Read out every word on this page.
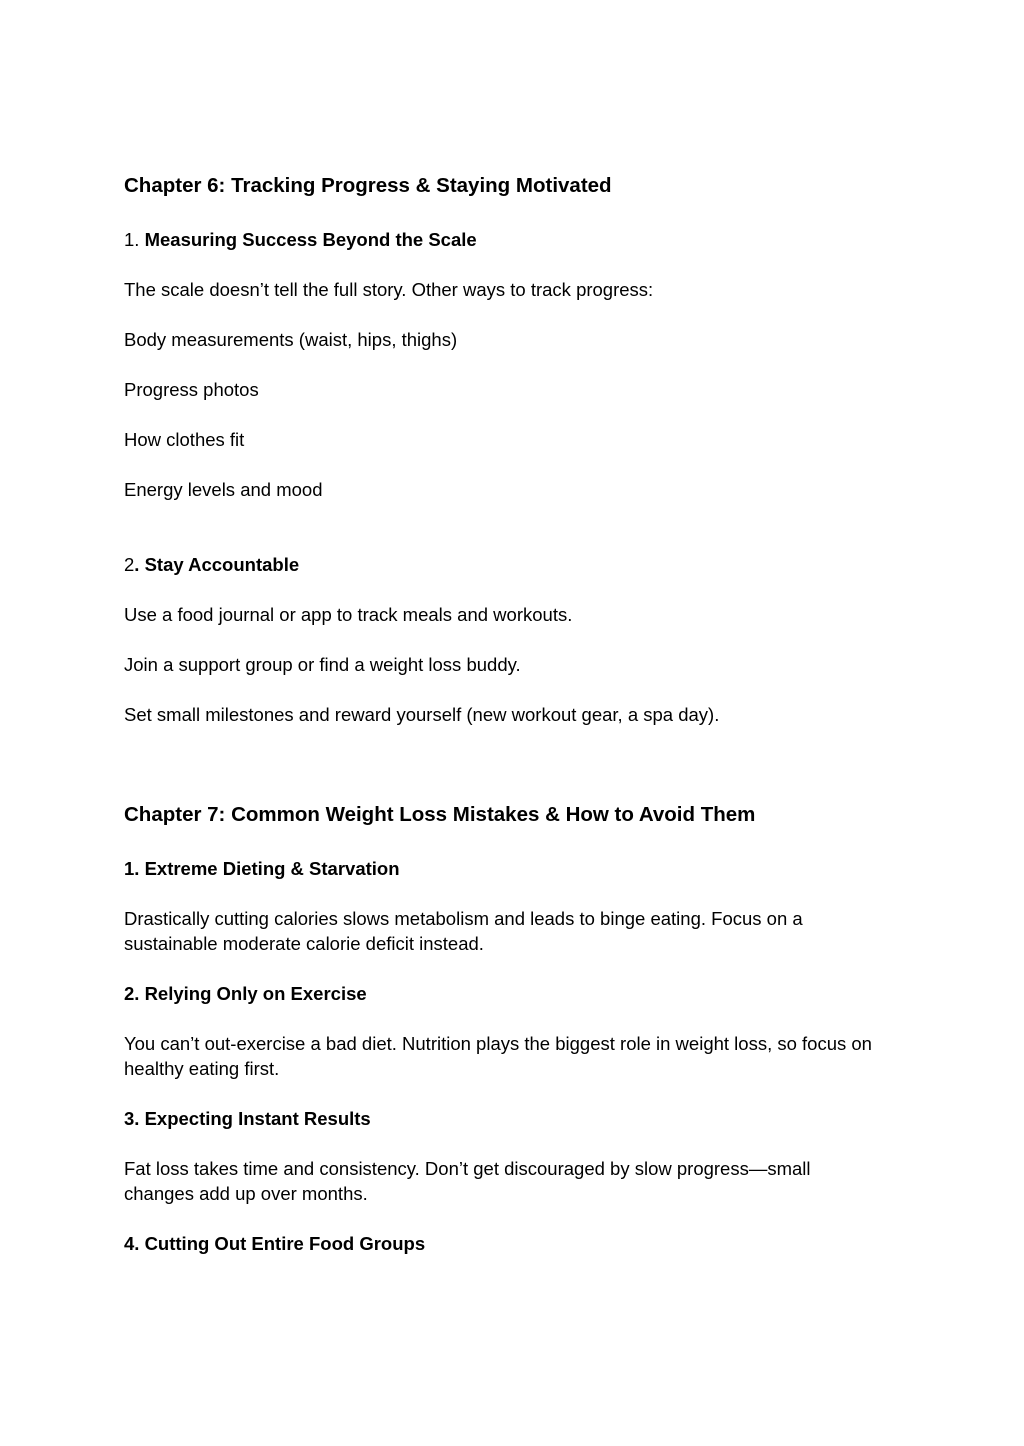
Chapter 6: Tracking Progress & Staying Motivated

1. Measuring Success Beyond the Scale

The scale doesn’t tell the full story. Other ways to track progress:

Body measurements (waist, hips, thighs)

Progress photos

How clothes fit

Energy levels and mood

2. Stay Accountable

Use a food journal or app to track meals and workouts.

Join a support group or find a weight loss buddy.

Set small milestones and reward yourself (new workout gear, a spa day).

Chapter 7: Common Weight Loss Mistakes & How to Avoid Them

1. Extreme Dieting & Starvation

Drastically cutting calories slows metabolism and leads to binge eating. Focus on a

sustainable moderate calorie deficit instead.

2. Relying Only on Exercise

You can’t out-exercise a bad diet. Nutrition plays the biggest role in weight loss, so focus on

healthy eating first.

3. Expecting Instant Results

Fat loss takes time and consistency. Don’t get discouraged by slow progress—small

changes add up over months.

4. Cutting Out Entire Food Groups
